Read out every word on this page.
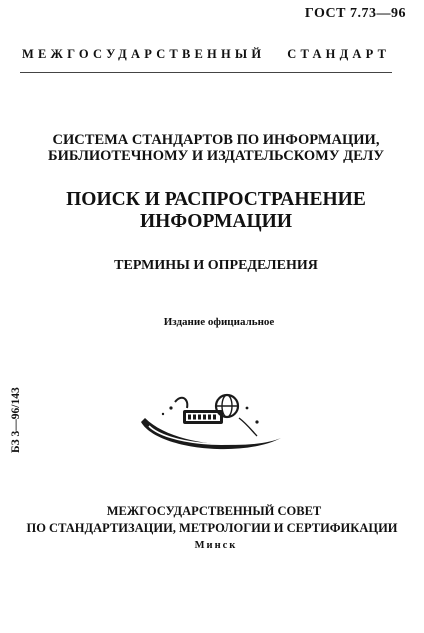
ГОСТ 7.73—96
МЕЖГОСУДАРСТВЕННЫЙ СТАНДАРТ
СИСТЕМА СТАНДАРТОВ ПО ИНФОРМАЦИИ,
БИБЛИОТЕЧНОМУ И ИЗДАТЕЛЬСКОМУ ДЕЛУ
ПОИСК И РАСПРОСТРАНЕНИЕ
ИНФОРМАЦИИ
ТЕРМИНЫ И ОПРЕДЕЛЕНИЯ
Издание официальное
БЗ 3—96/143
МЕЖГОСУДАРСТВЕННЫЙ СОВЕТ
ПО СТАНДАРТИЗАЦИИ, МЕТРОЛОГИИ И СЕРТИФИКАЦИИ
Минск
